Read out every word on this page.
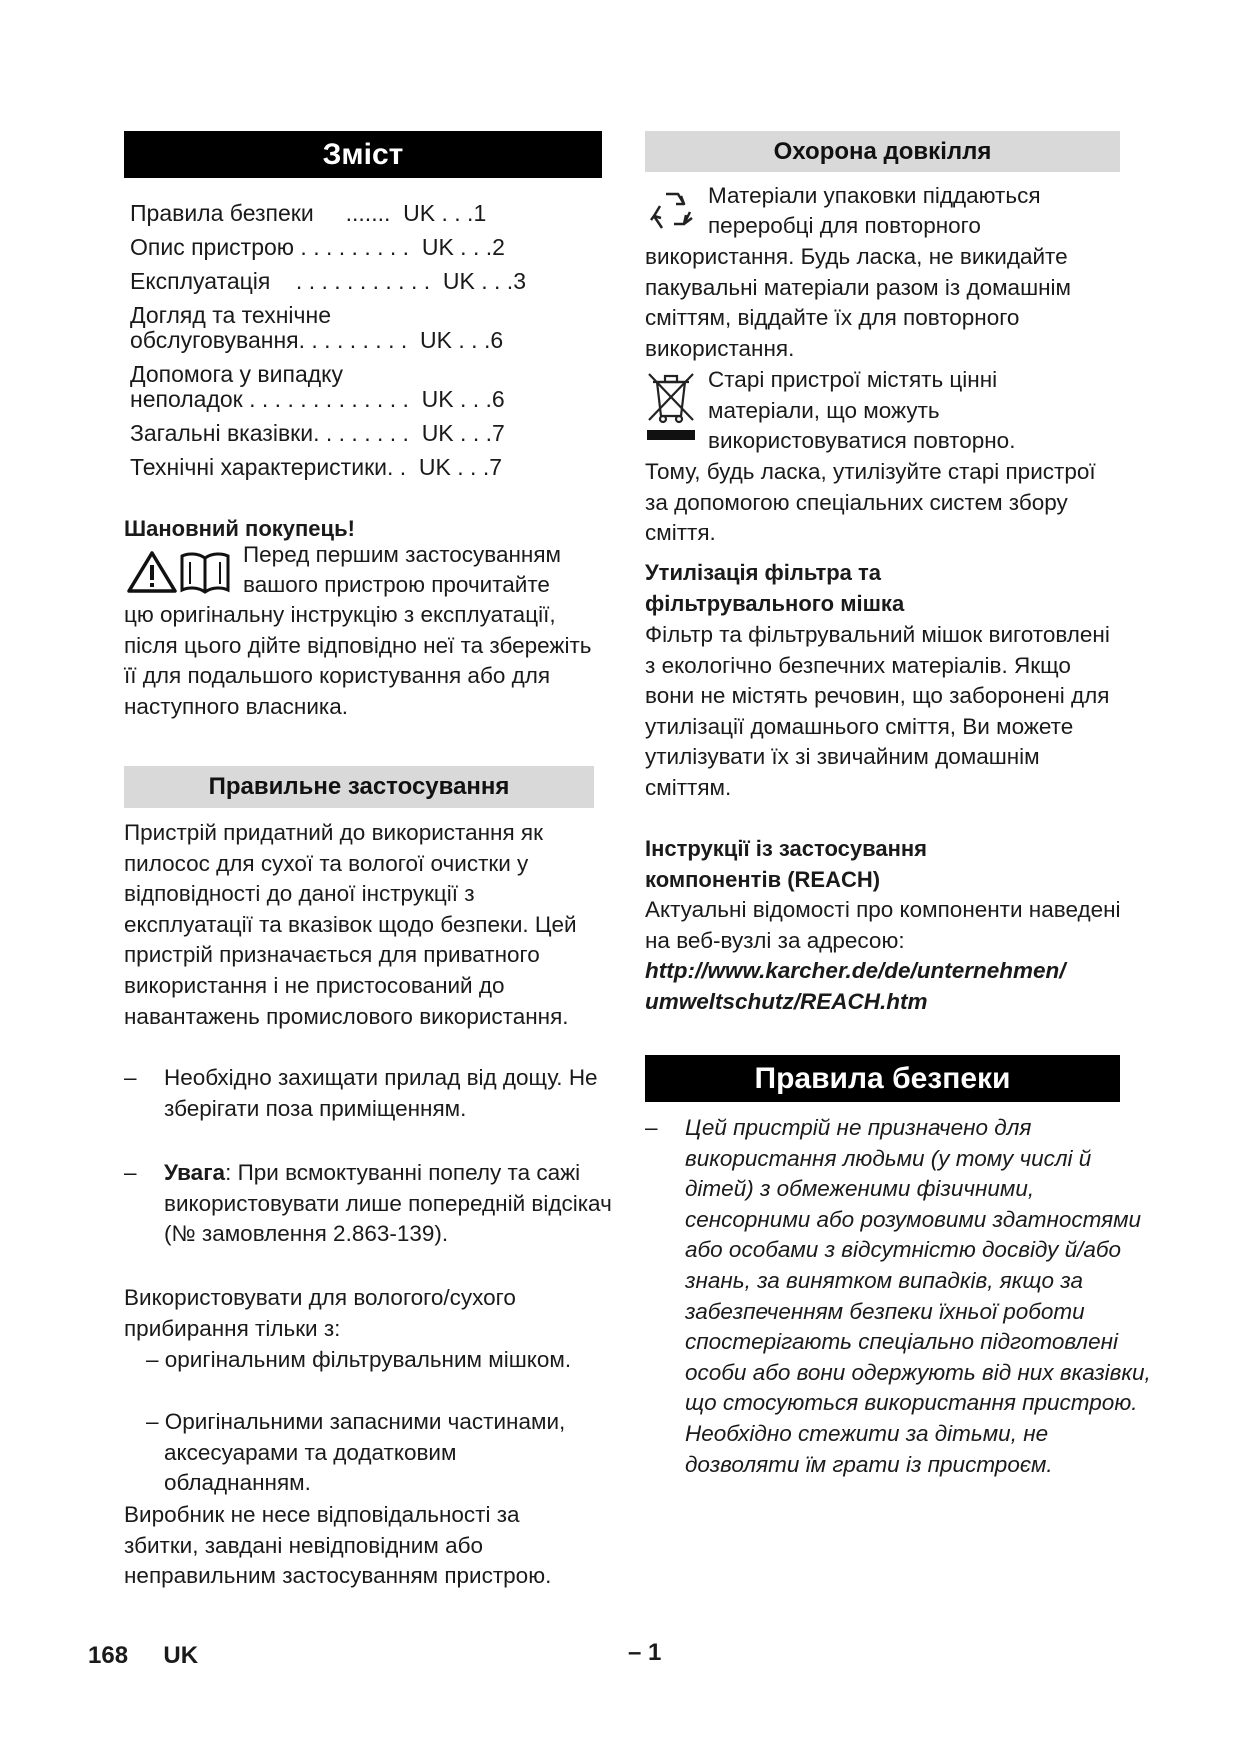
Зміст
Правила безпеки     .......  UK . . .1
Опис пристрою . . . . . . . . .  UK . . .2
Експлуатація    . . . . . . . . . . .  UK . . .3
Догляд та технічне
обслуговування. . . . . . . . .  UK . . .6
Допомога у випадку
неполадок . . . . . . . . . . . . .  UK . . .6
Загальні вказівки. . . . . . . .  UK . . .7
Технічні характеристики. .  UK . . .7
Шановний покупець!
Перед першим застосуванням
вашого пристрою прочитайте
цю оригінальну інструкцію з експлуатації, після цього дійте відповідно неї та збережіть її для подальшого користування або для наступного власника.
Правильне застосування
Пристрій придатний до використання як пилосос для сухої та вологої очистки у відповідності до даної інструкції з експлуатації та вказівок щодо безпеки. Цей пристрій призначається для приватного використання і не пристосований до навантажень промислового використання.
– Необхідно захищати прилад від дощу. Не зберігати поза приміщенням.
– Увага: При всмоктуванні попелу та сажі використовувати лише попередній відсікач (№ замовлення 2.863-139).
Використовувати для вологого/сухого прибирання тільки з:
– оригінальним фільтрувальним мішком.
– Оригінальними запасними частинами, аксесуарами та додатковим обладнанням.
Виробник не несе відповідальності за збитки, завдані невідповідним або неправильним застосуванням пристрою.
Охорона довкілля
Матеріали упаковки піддаються
переробці для повторного
використання. Будь ласка, не викидайте пакувальні матеріали разом із домашнім сміттям, віддайте їх для повторного використання.
Старі пристрої містять цінні
матеріали, що можуть
використовуватися повторно.
Тому, будь ласка, утилізуйте старі пристрої за допомогою спеціальних систем збору сміття.
Утилізація фільтра та фільтрувального мішка
Фільтр та фільтрувальний мішок виготовлені з екологічно безпечних матеріалів. Якщо вони не містять речовин, що заборонені для утилізації домашнього сміття, Ви можете утилізувати їх зі звичайним домашнім сміттям.
Інструкції із застосування компонентів (REACH)
Актуальні відомості про компоненти наведені на веб-вузлі за адресою:
http://www.karcher.de/de/unternehmen/
umweltschutz/REACH.htm
Правила безпеки
– Цей пристрій не призначено для використання людьми (у тому числі й дітей) з обмеженими фізичними, сенсорними або розумовими здатностями або особами з відсутністю досвіду й/або знань, за винятком випадків, якщо за забезпеченням безпеки їхньої роботи спостерігають спеціально підготовлені особи або вони одержують від них вказівки, що стосуються використання пристрою. Необхідно стежити за дітьми, не дозволяти їм грати із пристроєм.
168 UK	– 1
